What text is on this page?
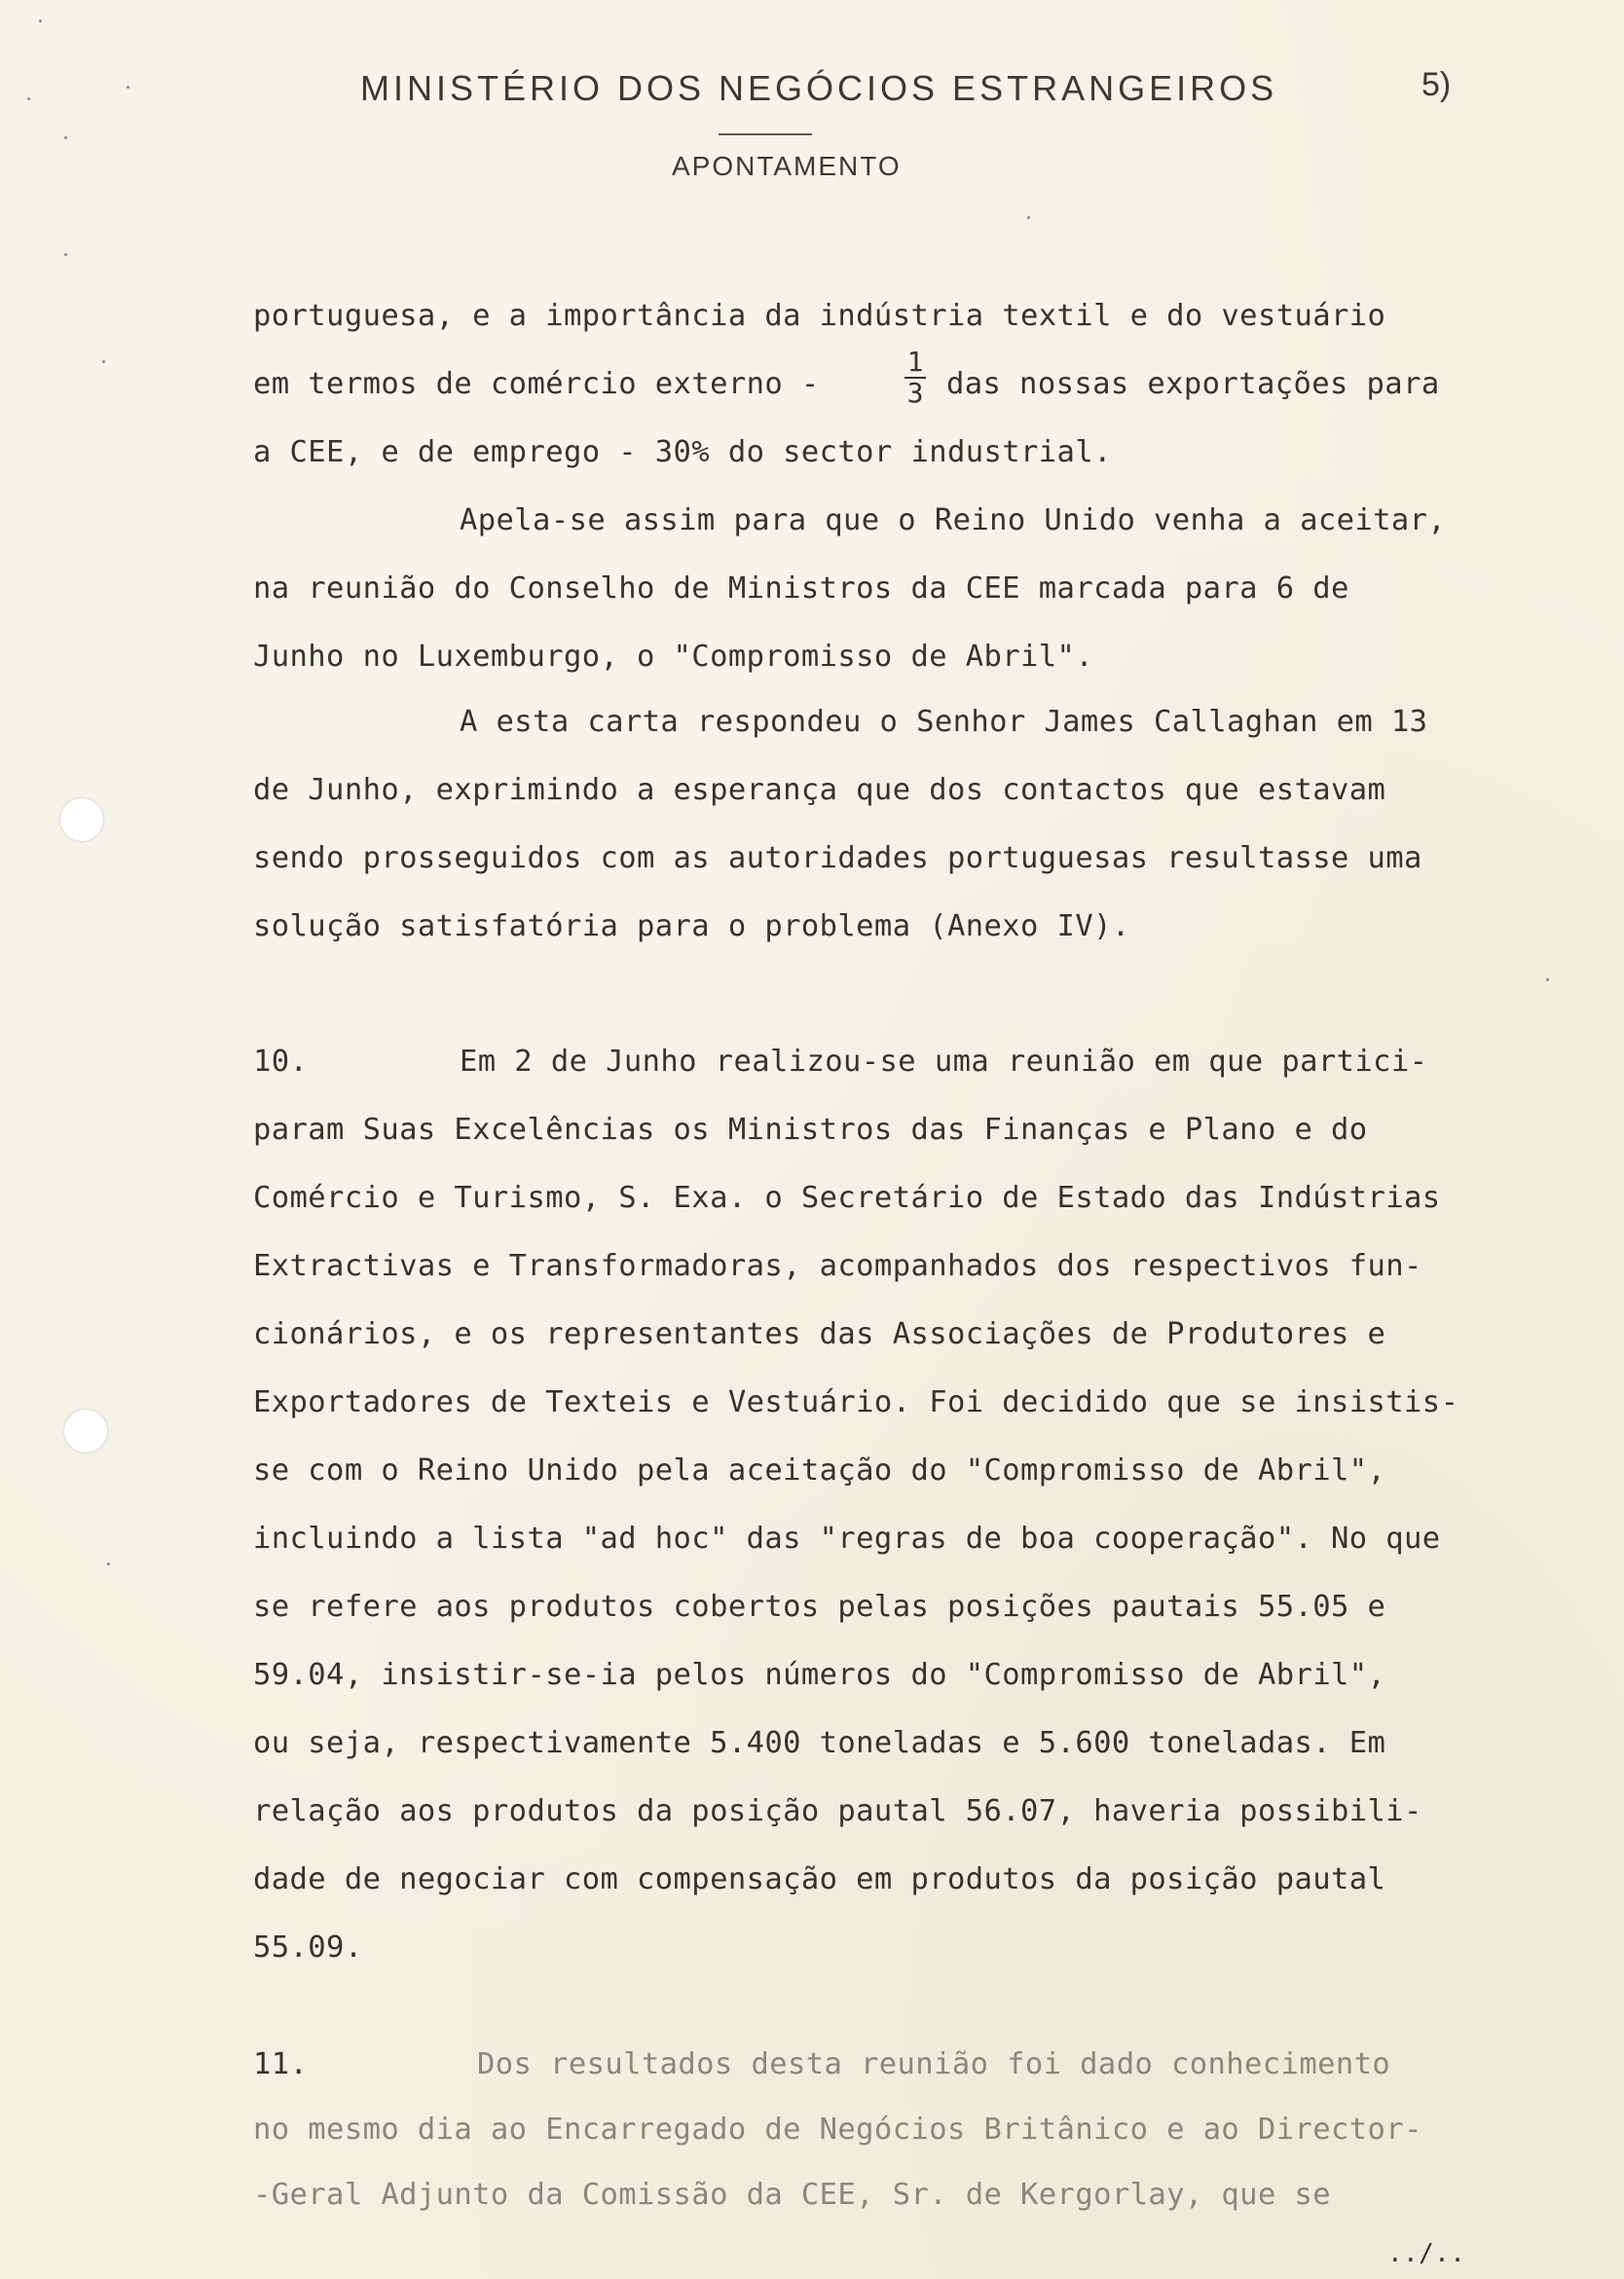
MINISTÉRIO DOS NEGÓCIOS ESTRANGEIROS	5)
APONTAMENTO
portuguesa, e a importância da indústria textil e do vestuário
em termos de comércio externo -
1
3 das nossas exportações para
a CEE, e de emprego - 30% do sector industrial.
Apela-se assim para que o Reino Unido venha a aceitar,
na reunião do Conselho de Ministros da CEE marcada para 6 de
Junho no Luxemburgo, o "Compromisso de Abril".
A esta carta respondeu o Senhor James Callaghan em 13
de Junho, exprimindo a esperança que dos contactos que estavam
sendo prosseguidos com as autoridades portuguesas resultasse uma
solução satisfatória para o problema (Anexo IV).
10.	Em 2 de Junho realizou-se uma reunião em que partici-
param Suas Excelências os Ministros das Finanças e Plano e do
Comércio e Turismo, S. Exa. o Secretário de Estado das Indústrias
Extractivas e Transformadoras, acompanhados dos respectivos fun-
cionários, e os representantes das Associações de Produtores e
Exportadores de Texteis e Vestuário. Foi decidido que se insistis-
se com o Reino Unido pela aceitação do "Compromisso de Abril",
incluindo a lista "ad hoc" das "regras de boa cooperação". No que
se refere aos produtos cobertos pelas posições pautais 55.05 e
59.04, insistir-se-ia pelos números do "Compromisso de Abril",
ou seja, respectivamente 5.400 toneladas e 5.600 toneladas. Em
relação aos produtos da posição pautal 56.07, haveria possibili-
dade de negociar com compensação em produtos da posição pautal
55.09.
11.	Dos resultados desta reunião foi dado conhecimento
no mesmo dia ao Encarregado de Negócios Britânico e ao Director-
-Geral Adjunto da Comissão da CEE, Sr. de Kergorlay, que se
../..
